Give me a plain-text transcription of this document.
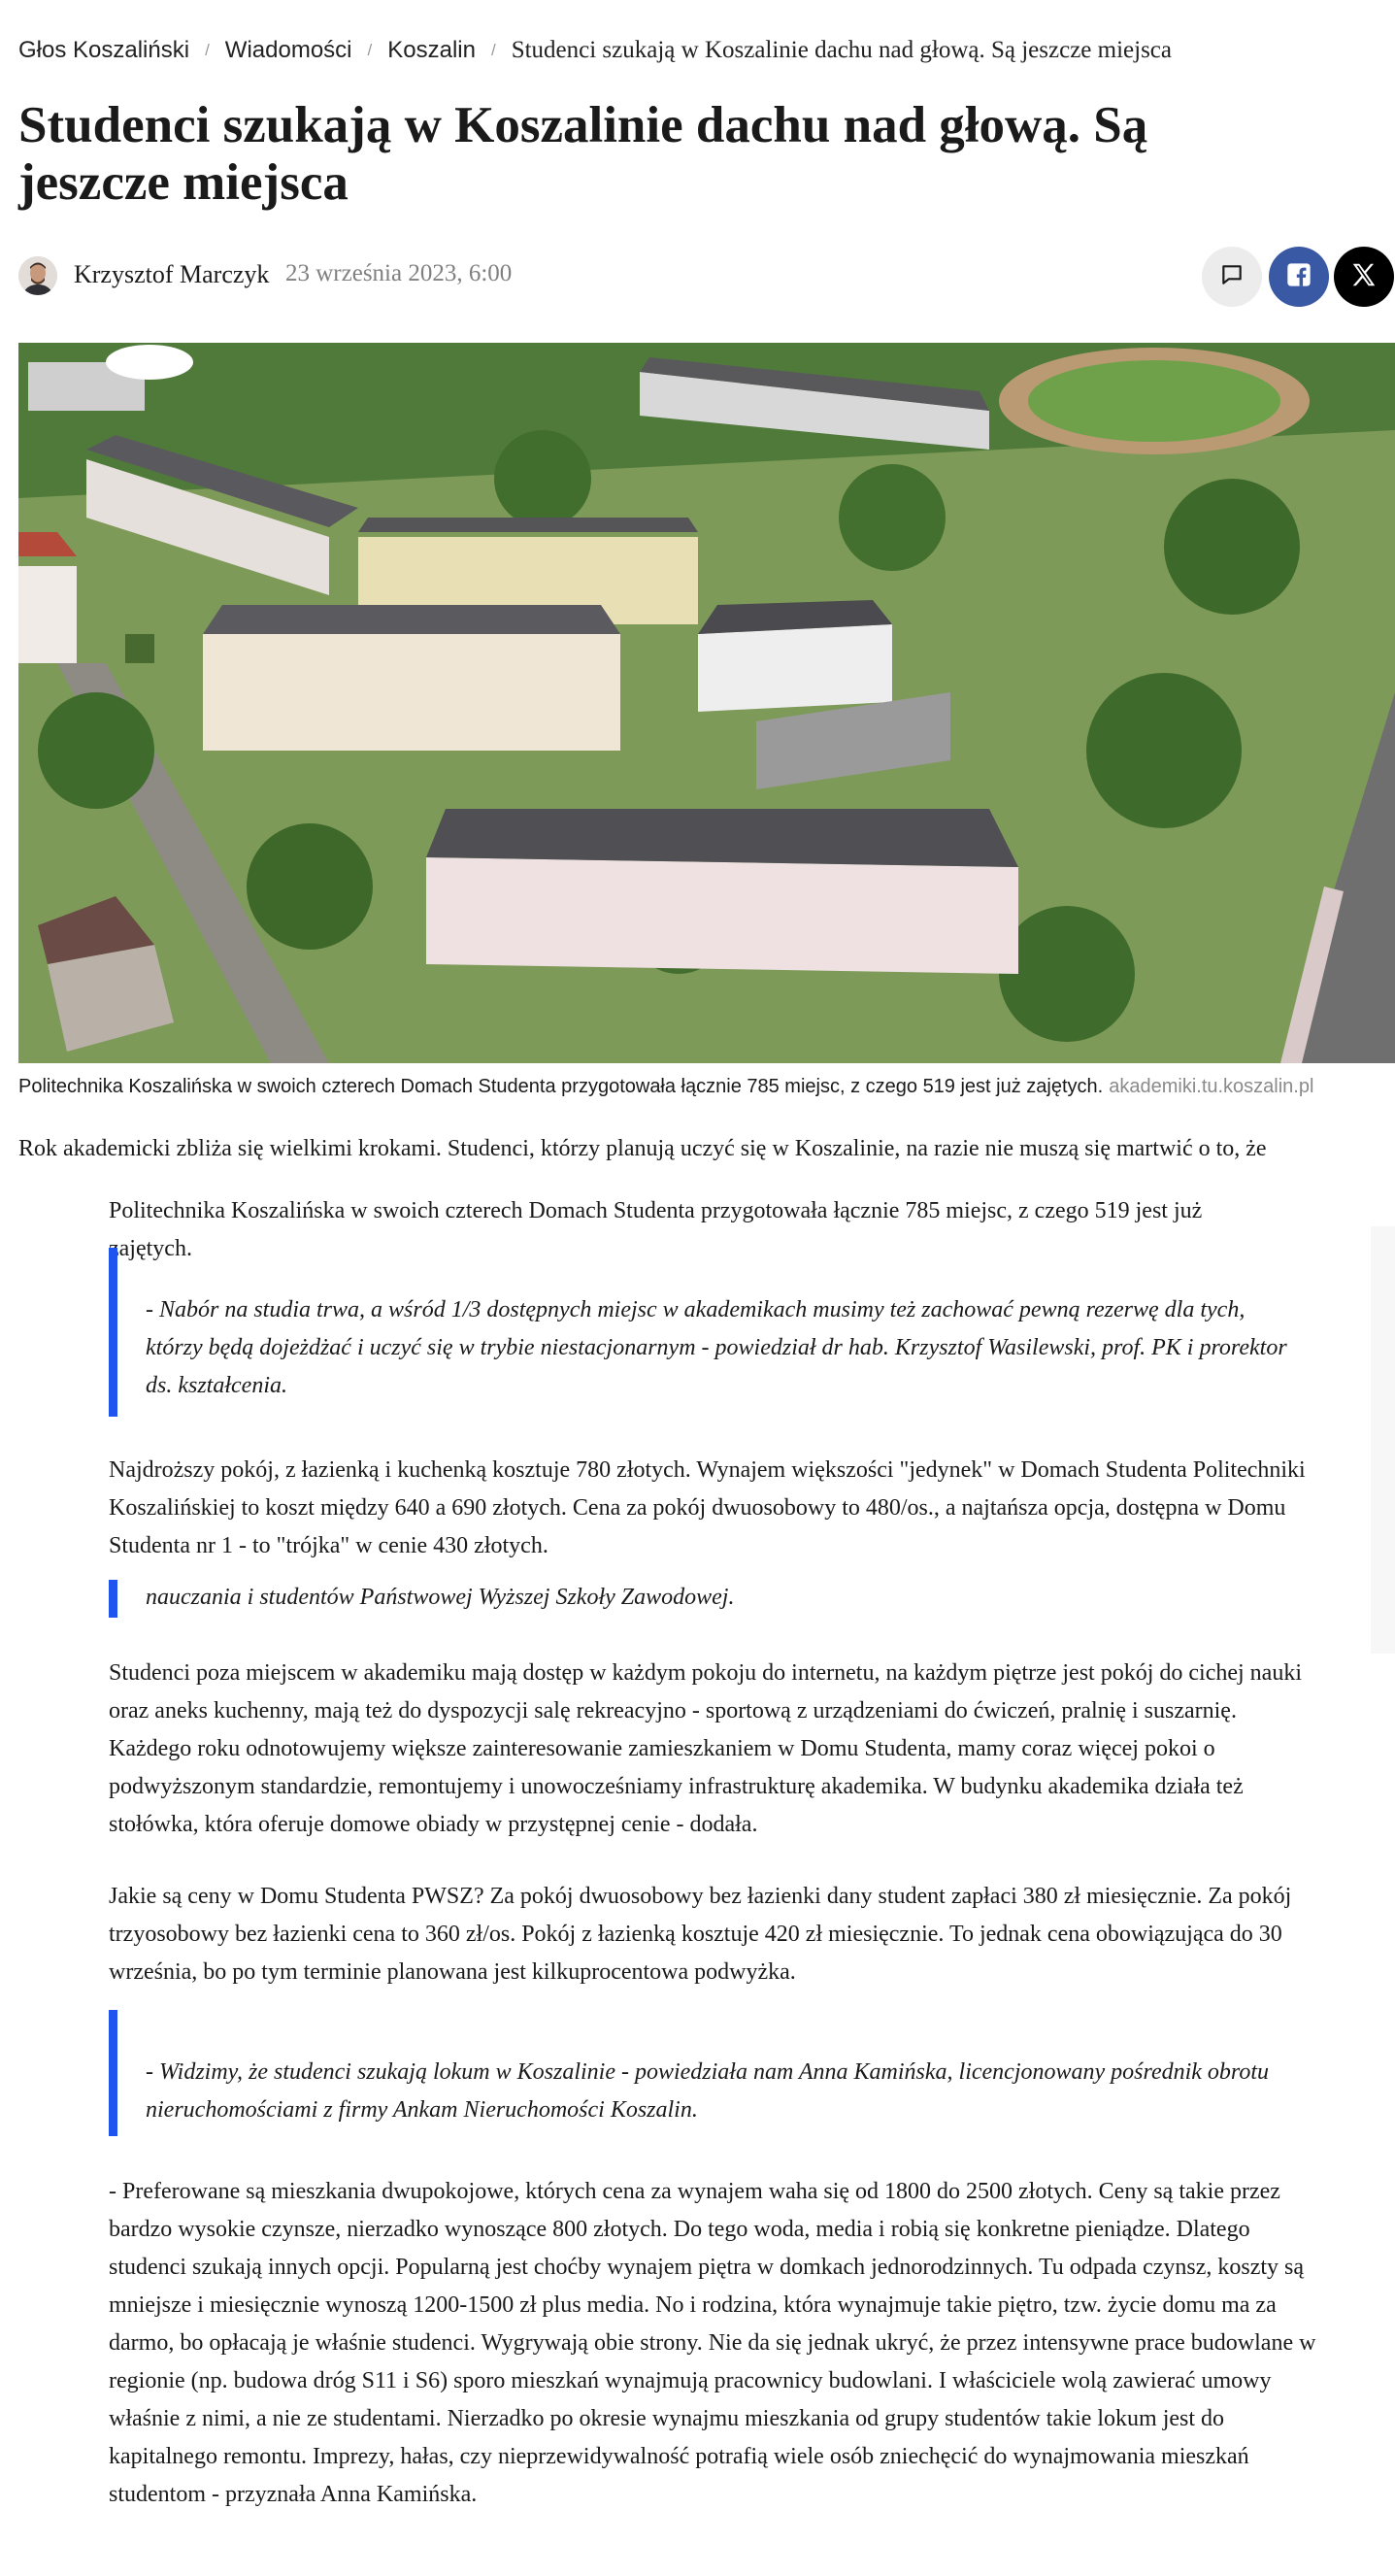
Głos Koszaliński / Wiadomości / Koszalin / Studenci szukają w Koszalinie dachu nad głową. Są jeszcze miejsca
Studenci szukają w Koszalinie dachu nad głową. Są jeszcze miejsca
Krzysztof Marczyk 23 września 2023, 6:00
Politechnika Koszalińska w swoich czterech Domach Studenta przygotowała łącznie 785 miejsc, z czego 519 jest już zajętych. akademiki.tu.koszalin.pl

Rok akademicki zbliża się wielkimi krokami. Studenci, którzy planują uczyć się w Koszalinie, na razie nie muszą się martwić o to, że

Politechnika Koszalińska w swoich czterech Domach Studenta przygotowała łącznie 785 miejsc, z czego 519 jest już zajętych.

- Nabór na studia trwa, a wśród 1/3 dostępnych miejsc w akademikach musimy też zachować pewną rezerwę dla tych, którzy będą dojeżdżać i uczyć się w trybie niestacjonarnym - powiedział dr hab. Krzysztof Wasilewski, prof. PK i prorektor ds. kształcenia.

Najdroższy pokój, z łazienką i kuchenką kosztuje 780 złotych. Wynajem większości "jedynek" w Domach Studenta Politechniki Koszalińskiej to koszt między 640 a 690 złotych. Cena za pokój dwuosobowy to 480/os., a najtańsza opcja, dostępna w Domu Studenta nr 1 - to "trójka" w cenie 430 złotych.

nauczania i studentów Państwowej Wyższej Szkoły Zawodowej.

Studenci poza miejscem w akademiku mają dostęp w każdym pokoju do internetu, na każdym piętrze jest pokój do cichej nauki oraz aneks kuchenny, mają też do dyspozycji salę rekreacyjno - sportową z urządzeniami do ćwiczeń, pralnię i suszarnię. Każdego roku odnotowujemy większe zainteresowanie zamieszkaniem w Domu Studenta, mamy coraz więcej pokoi o podwyższonym standardzie, remontujemy i unowocześniamy infrastrukturę akademika. W budynku akademika działa też stołówka, która oferuje domowe obiady w przystępnej cenie - dodała.

Jakie są ceny w Domu Studenta PWSZ? Za pokój dwuosobowy bez łazienki dany student zapłaci 380 zł miesięcznie. Za pokój trzyosobowy bez łazienki cena to 360 zł/os. Pokój z łazienką kosztuje 420 zł miesięcznie. To jednak cena obowiązująca do 30 września, bo po tym terminie planowana jest kilkuprocentowa podwyżka.

- Widzimy, że studenci szukają lokum w Koszalinie - powiedziała nam Anna Kamińska, licencjonowany pośrednik obrotu nieruchomościami z firmy Ankam Nieruchomości Koszalin.

- Preferowane są mieszkania dwupokojowe, których cena za wynajem waha się od 1800 do 2500 złotych. Ceny są takie przez bardzo wysokie czynsze, nierzadko wynoszące 800 złotych. Do tego woda, media i robią się konkretne pieniądze. Dlatego studenci szukają innych opcji. Popularną jest choćby wynajem piętra w domkach jednorodzinnych. Tu odpada czynsz, koszty są mniejsze i miesięcznie wynoszą 1200-1500 zł plus media. No i rodzina, która wynajmuje takie piętro, tzw. życie domu ma za darmo, bo opłacają je właśnie studenci. Wygrywają obie strony. Nie da się jednak ukryć, że przez intensywne prace budowlane w regionie (np. budowa dróg S11 i S6) sporo mieszkań wynajmują pracownicy budowlani. I właściciele wolą zawierać umowy właśnie z nimi, a nie ze studentami. Nierzadko po okresie wynajmu mieszkania od grupy studentów takie lokum jest do kapitalnego remontu. Imprezy, hałas, czy nieprzewidywalność potrafią wiele osób zniechęcić do wynajmowania mieszkań studentom - przyznała Anna Kamińska.
